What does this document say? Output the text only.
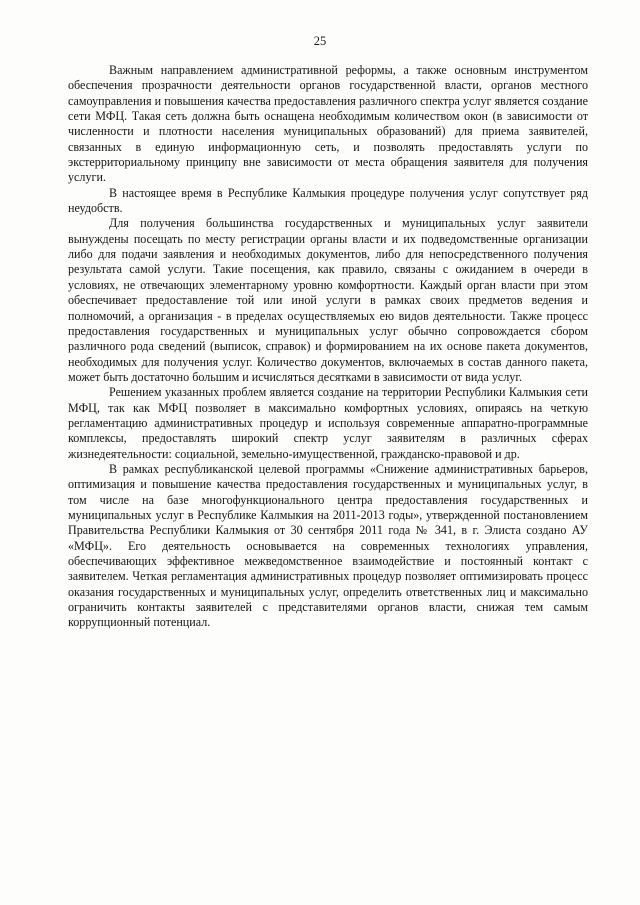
25

Важным направлением административной реформы, а также основным инструментом обеспечения прозрачности деятельности органов государственной власти, органов местного самоуправления и повышения качества предоставления различного спектра услуг является создание сети МФЦ. Такая сеть должна быть оснащена необходимым количеством окон (в зависимости от численности и плотности населения муниципальных образований) для приема заявителей, связанных в единую информационную сеть, и позволять предоставлять услуги по экстерриториальному принципу вне зависимости от места обращения заявителя для получения услуги.

В настоящее время в Республике Калмыкия процедуре получения услуг сопутствует ряд неудобств.

Для получения большинства государственных и муниципальных услуг заявители вынуждены посещать по месту регистрации органы власти и их подведомственные организации либо для подачи заявления и необходимых документов, либо для непосредственного получения результата самой услуги. Такие посещения, как правило, связаны с ожиданием в очереди в условиях, не отвечающих элементарному уровню комфортности. Каждый орган власти при этом обеспечивает предоставление той или иной услуги в рамках своих предметов ведения и полномочий, а организация - в пределах осуществляемых ею видов деятельности. Также процесс предоставления государственных и муниципальных услуг обычно сопровождается сбором различного рода сведений (выписок, справок) и формированием на их основе пакета документов, необходимых для получения услуг. Количество документов, включаемых в состав данного пакета, может быть достаточно большим и исчисляться десятками в зависимости от вида услуг.

Решением указанных проблем является создание на территории Республики Калмыкия сети МФЦ, так как МФЦ позволяет в максимально комфортных условиях, опираясь на четкую регламентацию административных процедур и используя современные аппаратно-программные комплексы, предоставлять широкий спектр услуг заявителям в различных сферах жизнедеятельности: социальной, земельно-имущественной, гражданско-правовой и др.

В рамках республиканской целевой программы «Снижение административных барьеров, оптимизация и повышение качества предоставления государственных и муниципальных услуг, в том числе на базе многофункционального центра предоставления государственных и муниципальных услуг в Республике Калмыкия на 2011-2013 годы», утвержденной постановлением Правительства Республики Калмыкия от 30 сентября 2011 года № 341, в г. Элиста создано АУ «МФЦ». Его деятельность основывается на современных технологиях управления, обеспечивающих эффективное межведомственное взаимодействие и постоянный контакт с заявителем. Четкая регламентация административных процедур позволяет оптимизировать процесс оказания государственных и муниципальных услуг, определить ответственных лиц и максимально ограничить контакты заявителей с представителями органов власти, снижая тем самым коррупционный потенциал.
